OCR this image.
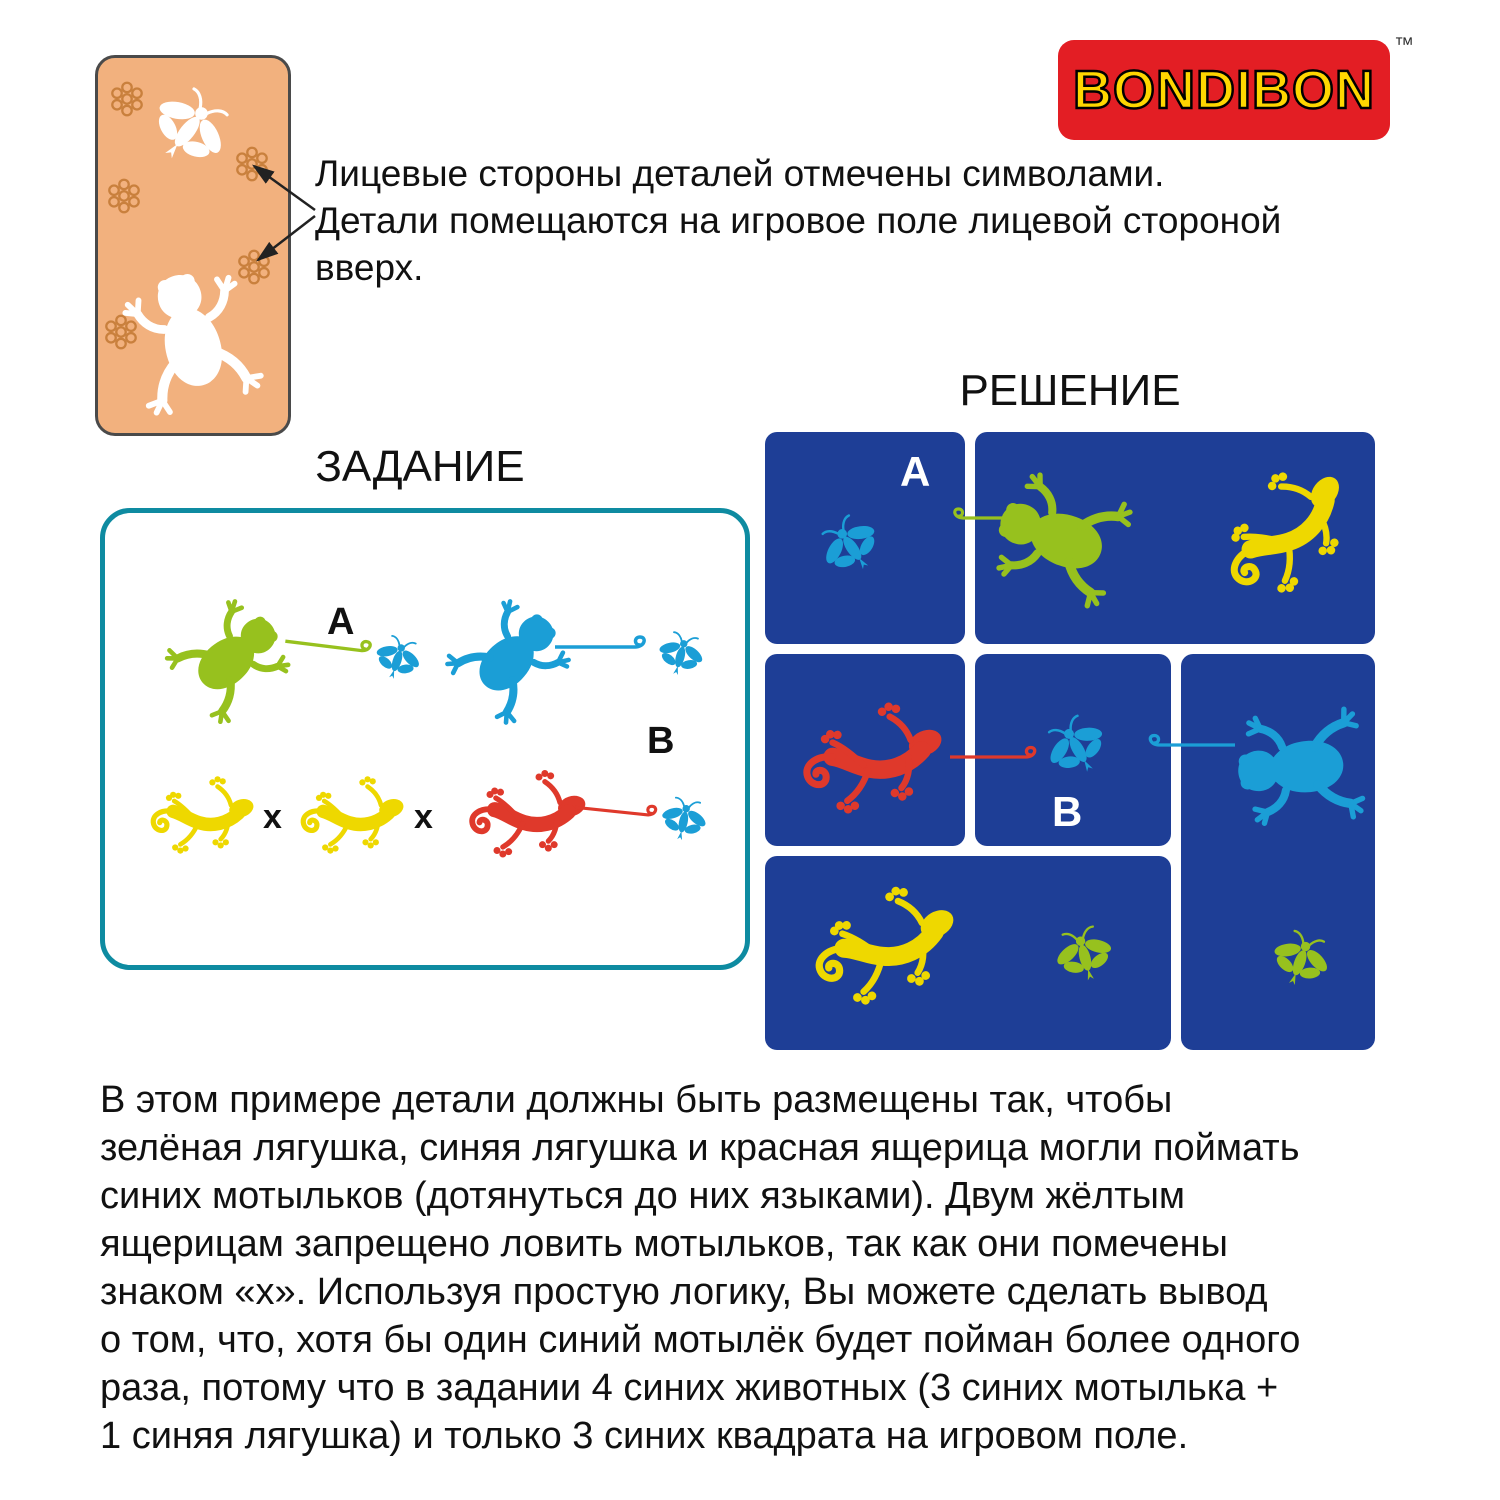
Лицевые стороны деталей отмечены символами.
Детали помещаются на игровое поле лицевой стороной
вверх.
BONDIBON
™
ЗАДАНИЕ
A
B
х	х
РЕШЕНИЕ
A
B
В этом примере детали должны быть размещены так, чтобы
зелёная лягушка, синяя лягушка и красная ящерица могли поймать
синих мотыльков (дотянуться до них языками). Двум жёлтым
ящерицам запрещено ловить мотыльков, так как они помечены
знаком «х». Используя простую логику, Вы можете сделать вывод
о том, что, хотя бы один синий мотылёк будет пойман более одного
раза, потому что в задании 4 синих животных (3 синих мотылька +
1 синяя лягушка) и только 3 синих квадрата на игровом поле.
